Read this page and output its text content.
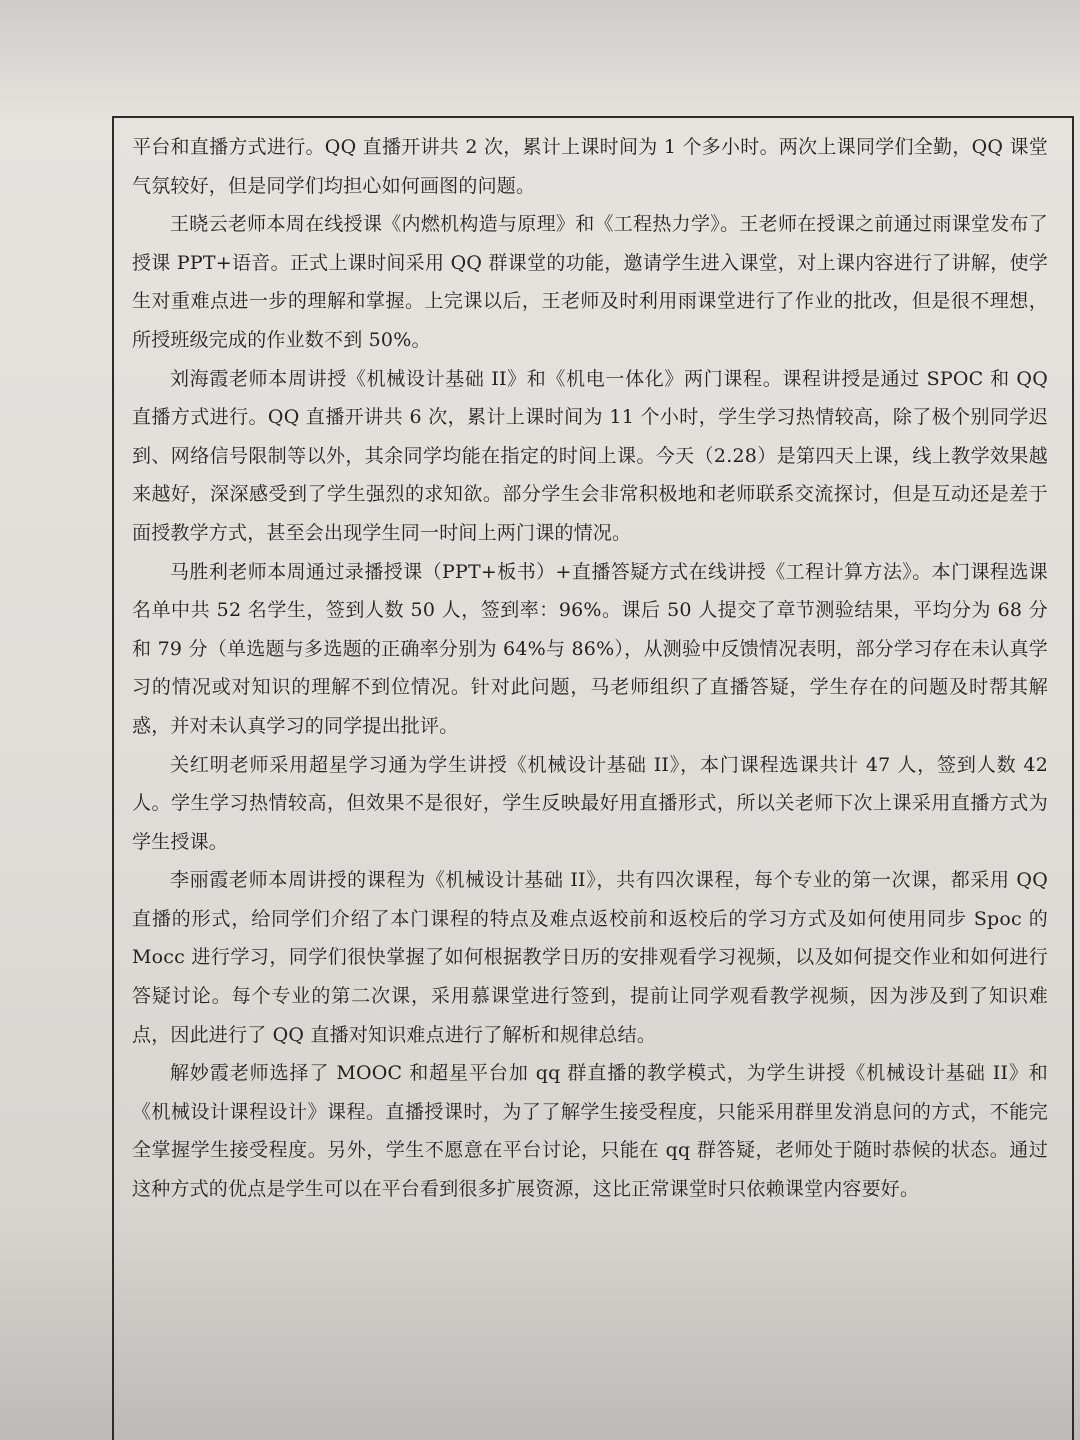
平台和直播方式进行。QQ 直播开讲共 2 次，累计上课时间为 1 个多小时。两次上课同学们全勤，QQ 课堂气氛较好，但是同学们均担心如何画图的问题。

王晓云老师本周在线授课《内燃机构造与原理》和《工程热力学》。王老师在授课之前通过雨课堂发布了授课 PPT+语音。正式上课时间采用 QQ 群课堂的功能，邀请学生进入课堂，对上课内容进行了讲解，使学生对重难点进一步的理解和掌握。上完课以后，王老师及时利用雨课堂进行了作业的批改，但是很不理想，所授班级完成的作业数不到 50%。

刘海霞老师本周讲授《机械设计基础 II》和《机电一体化》两门课程。课程讲授是通过 SPOC 和 QQ 直播方式进行。QQ 直播开讲共 6 次，累计上课时间为 11 个小时，学生学习热情较高，除了极个别同学迟到、网络信号限制等以外，其余同学均能在指定的时间上课。今天（2.28）是第四天上课，线上教学效果越来越好，深深感受到了学生强烈的求知欲。部分学生会非常积极地和老师联系交流探讨，但是互动还是差于面授教学方式，甚至会出现学生同一时间上两门课的情况。

马胜利老师本周通过录播授课（PPT+板书）+直播答疑方式在线讲授《工程计算方法》。本门课程选课名单中共 52 名学生，签到人数 50 人，签到率：96%。课后 50 人提交了章节测验结果，平均分为 68 分和 79 分（单选题与多选题的正确率分别为 64%与 86%），从测验中反馈情况表明，部分学习存在未认真学习的情况或对知识的理解不到位情况。针对此问题，马老师组织了直播答疑，学生存在的问题及时帮其解惑，并对未认真学习的同学提出批评。

关红明老师采用超星学习通为学生讲授《机械设计基础 II》，本门课程选课共计 47 人，签到人数 42 人。学生学习热情较高，但效果不是很好，学生反映最好用直播形式，所以关老师下次上课采用直播方式为学生授课。

李丽霞老师本周讲授的课程为《机械设计基础 II》，共有四次课程，每个专业的第一次课，都采用 QQ 直播的形式，给同学们介绍了本门课程的特点及难点返校前和返校后的学习方式及如何使用同步 Spoc 的 Mocc 进行学习，同学们很快掌握了如何根据教学日历的安排观看学习视频，以及如何提交作业和如何进行答疑讨论。每个专业的第二次课，采用慕课堂进行签到，提前让同学观看教学视频，因为涉及到了知识难点，因此进行了 QQ 直播对知识难点进行了解析和规律总结。

解妙霞老师选择了 MOOC 和超星平台加 qq 群直播的教学模式，为学生讲授《机械设计基础 II》和《机械设计课程设计》课程。直播授课时，为了了解学生接受程度，只能采用群里发消息问的方式，不能完全掌握学生接受程度。另外，学生不愿意在平台讨论，只能在 qq 群答疑，老师处于随时恭候的状态。通过这种方式的优点是学生可以在平台看到很多扩展资源，这比正常课堂时只依赖课堂内容要好。
